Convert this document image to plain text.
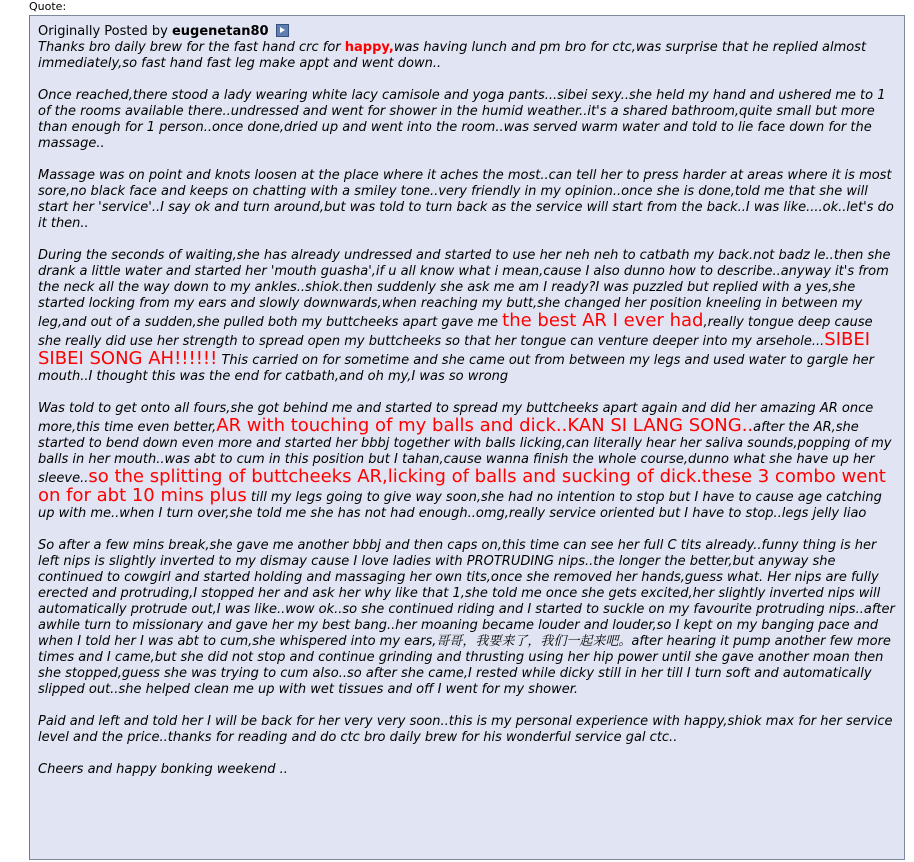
Quote:
Originally Posted by eugenetan80

Thanks bro daily brew for the fast hand crc for happy,was having lunch and pm bro for ctc,was surprise that he replied almost immediately,so fast hand fast leg make appt and went down..

Once reached,there stood a lady wearing white lacy camisole and yoga pants...sibei sexy..she held my hand and ushered me to 1 of the rooms available there..undressed and went for shower in the humid weather..it's a shared bathroom,quite small but more than enough for 1 person..once done,dried up and went into the room..was served warm water and told to lie face down for the massage..

Massage was on point and knots loosen at the place where it aches the most..can tell her to press harder at areas where it is most sore,no black face and keeps on chatting with a smiley tone..very friendly in my opinion..once she is done,told me that she will start her 'service'..I say ok and turn around,but was told to turn back as the service will start from the back..I was like....ok..let's do it then..

During the seconds of waiting,she has already undressed and started to use her neh neh to catbath my back.not badz le..then she drank a little water and started her 'mouth guasha',if u all know what i mean,cause I also dunno how to describe..anyway it's from the neck all the way down to my ankles..shiok.then suddenly she ask me am I ready?I was puzzled but replied with a yes,she started locking from my ears and slowly downwards,when reaching my butt,she changed her position kneeling in between my leg,and out of a sudden,she pulled both my buttcheeks apart gave me the best AR I ever had,really tongue deep cause she really did use her strength to spread open my buttcheeks so that her tongue can venture deeper into my arsehole...SIBEI SIBEI SONG AH!!!!!! This carried on for sometime and she came out from between my legs and used water to gargle her mouth..I thought this was the end for catbath,and oh my,I was so wrong

Was told to get onto all fours,she got behind me and started to spread my buttcheeks apart again and did her amazing AR once more,this time even better,AR with touching of my balls and dick..KAN SI LANG SONG..after the AR,she started to bend down even more and started her bbbj together with balls licking,can literally hear her saliva sounds,popping of my balls in her mouth..was abt to cum in this position but I tahan,cause wanna finish the whole course,dunno what she have up her sleeve..so the splitting of buttcheeks AR,licking of balls and sucking of dick.these 3 combo went on for abt 10 mins plus till my legs going to give way soon,she had no intention to stop but I have to cause age catching up with me..when I turn over,she told me she has not had enough..omg,really service oriented but I have to stop..legs jelly liao

So after a few mins break,she gave me another bbbj and then caps on,this time can see her full C tits already..funny thing is her left nips is slightly inverted to my dismay cause I love ladies with PROTRUDING nips..the longer the better,but anyway she continued to cowgirl and started holding and massaging her own tits,once she removed her hands,guess what. Her nips are fully erected and protruding,I stopped her and ask her why like that 1,she told me once she gets excited,her slightly inverted nips will automatically protrude out,I was like..wow ok..so she continued riding and I started to suckle on my favourite protruding nips..after awhile turn to missionary and gave her my best bang..her moaning became louder and louder,so I kept on my banging pace and when I told her I was abt to cum,she whispered into my ears,哥哥，我要来了，我们一起来吧。after hearing it pump another few more times and I came,but she did not stop and continue grinding and thrusting using her hip power until she gave another moan then she stopped,guess she was trying to cum also..so after she came,I rested while dicky still in her till I turn soft and automatically slipped out..she helped clean me up with wet tissues and off I went for my shower.

Paid and left and told her I will be back for her very very soon..this is my personal experience with happy,shiok max for her service level and the price..thanks for reading and do ctc bro daily brew for his wonderful service gal ctc..

Cheers and happy bonking weekend ..
